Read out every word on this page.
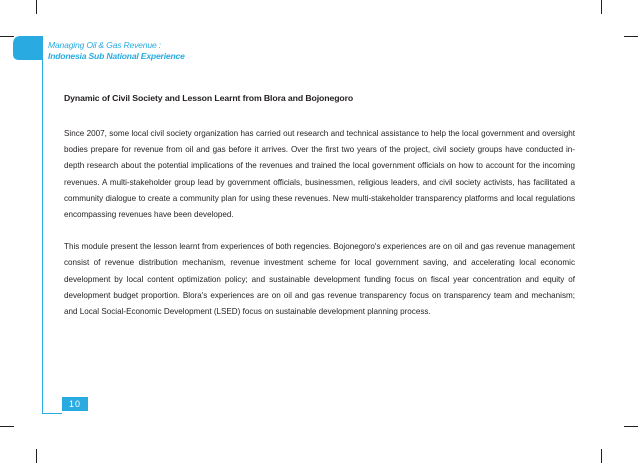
Managing Oil & Gas Revenue :
Indonesia Sub National Experience
Dynamic of Civil Society and Lesson Learnt from Blora and Bojonegoro

Since 2007, some local civil society organization has carried out research and technical assistance to help the local government and oversight bodies prepare for revenue from oil and gas before it arrives. Over the first two years of the project, civil society groups have conducted in-depth research about the potential implications of the revenues and trained the local government officials on how to account for the incoming revenues. A multi-stakeholder group lead by government officials, businessmen, religious leaders, and civil society activists, has facilitated a community dialogue to create a community plan for using these revenues. New multi-stakeholder transparency platforms and local regulations encompassing revenues have been developed.

This module present the lesson learnt from experiences of both regencies. Bojonegoro's experiences are on oil and gas revenue management consist of revenue distribution mechanism, revenue investment scheme for local government saving, and accelerating local economic development by local content optimization policy; and sustainable development funding focus on fiscal year concentration and equity of development budget proportion. Blora's experiences are on oil and gas revenue transparency focus on transparency team and mechanism; and Local Social-Economic Development (LSED) focus on sustainable development planning process.

10
